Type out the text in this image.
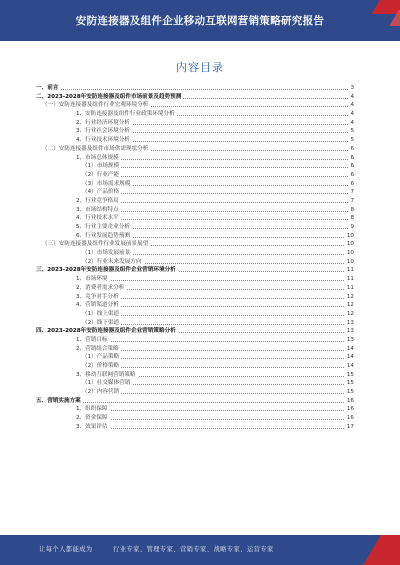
安防连接器及组件企业移动互联网营销策略研究报告
内容目录
一、前言	3
二、2023-2028年安防连接器及组件市场前景及趋势预测	4
（一）安防连接器及组件行业宏观环境分析	4
1、安防连接器及组件行业政策环境分析	4
2、行业经济环境分析	4
3、行业社会环境分析	5
4、行业技术环境分析	5
（二）安防连接器及组件市场供需现状分析	6
1、市场总体规模	6
（1）市场规模	6
（2）行业产能	6
（3）市场需求规模	6
（4）产品价格	7
2、行业竞争格局	7
3、市场结构特点	8
4、行业技术水平	8
5、行业主要企业分析	9
6、行业发展趋势预测	10
（三）安防连接器及组件行业发展前景展望	10
（1）市场发展前景	10
（2）行业未来发展方向	10
三、2023-2028年安防连接器及组件企业营销环境分析	11
1、市场环境	11
2、消费者需求分析	11
3、竞争对手分析	12
4、营销渠道分析	12
（1）线上渠道	12
（2）线下渠道	13
四、2023-2028年安防连接器及组件企业营销策略分析	13
1、营销目标	13
2、营销组合策略	14
（1）产品策略	14
（2）价格策略	14
3、移动互联网营销策略	15
（1）社交媒体营销	15
（2）内容营销	15
五、营销实施方案	16
1、组织保障	16
2、资金保障	16
3、效果评估	17
让每个人都能成为	行业专家、管理专家、营销专家、战略专家、运营专家
